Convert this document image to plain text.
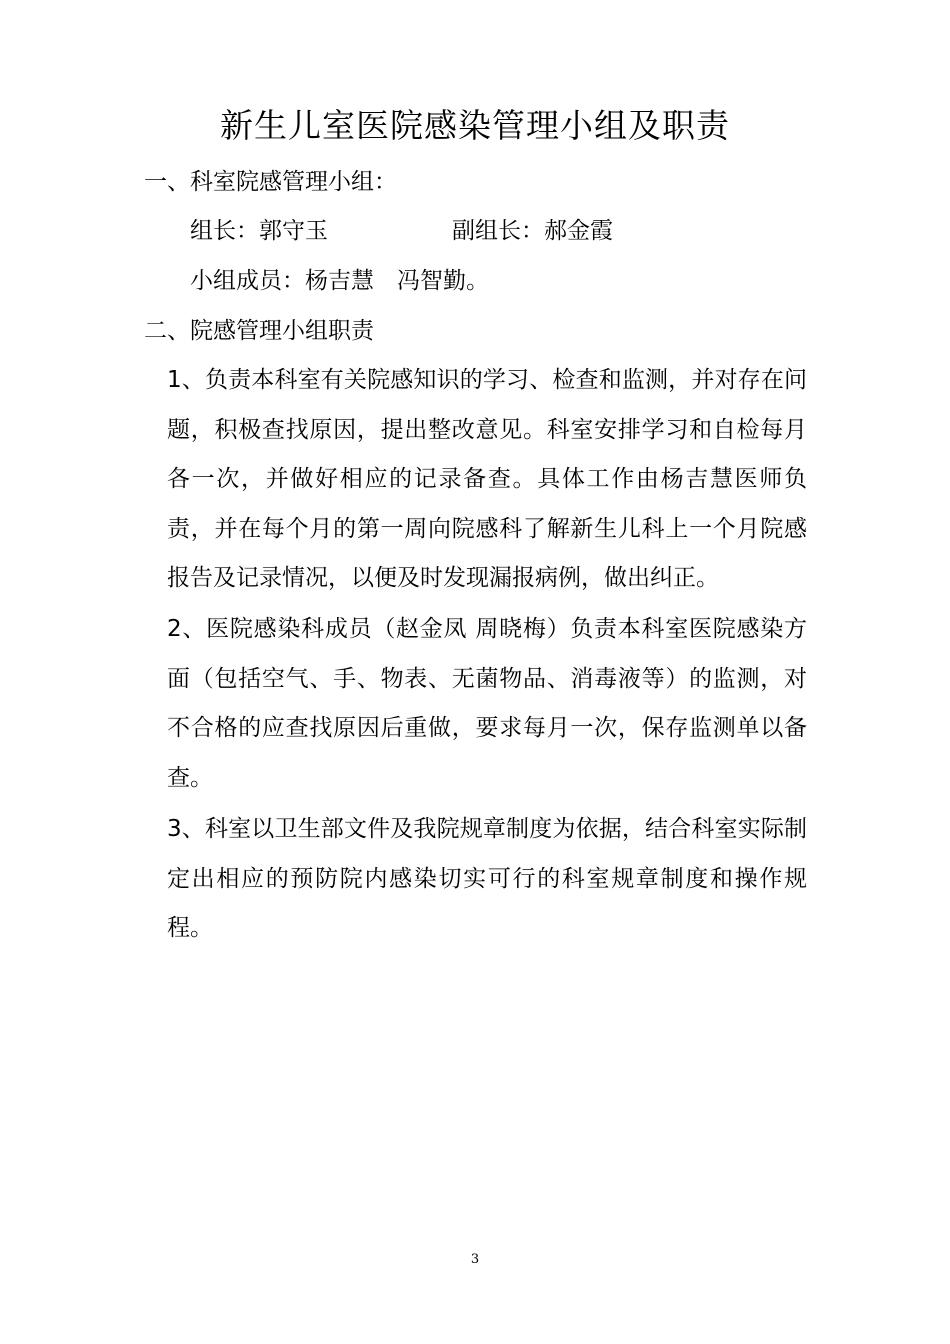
新生儿室医院感染管理小组及职责
一、科室院感管理小组：
组长：郭守玉	副组长：郝金霞
小组成员：杨吉慧　冯智勤。
二、院感管理小组职责
1、负责本科室有关院感知识的学习、检查和监测，并对存在问题，积极查找原因，提出整改意见。科室安排学习和自检每月各一次，并做好相应的记录备查。具体工作由杨吉慧医师负责，并在每个月的第一周向院感科了解新生儿科上一个月院感报告及记录情况，以便及时发现漏报病例，做出纠正。
2、医院感染科成员（赵金凤 周晓梅）负责本科室医院感染方面（包括空气、手、物表、无菌物品、消毒液等）的监测，对不合格的应查找原因后重做，要求每月一次，保存监测单以备查。
3、科室以卫生部文件及我院规章制度为依据，结合科室实际制定出相应的预防院内感染切实可行的科室规章制度和操作规程。
3
